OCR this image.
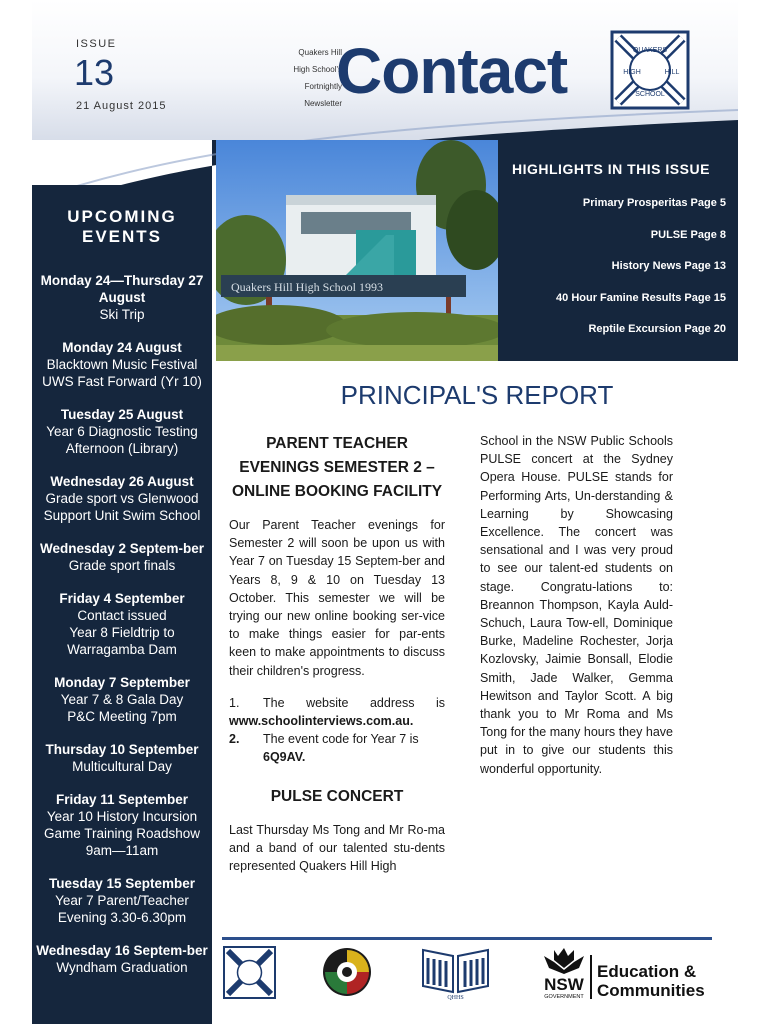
ISSUE
13
21 August 2015
Quakers Hill
High School's
Fortnightly
Newsletter
Contact	QUAKERS
HILL
HIGH
SCHOOL
UPCOMING
EVENTS
Monday 24—Thursday 27 August
Ski Trip
Monday 24 August
Blacktown Music Festival
UWS Fast Forward (Yr 10)
Tuesday 25 August
Year 6 Diagnostic Testing
Afternoon (Library)
Wednesday 26 August
Grade sport vs Glenwood
Support Unit Swim School
Wednesday 2 Septem-ber
Grade sport finals
Friday 4 September
Contact issued
Year 8 Fieldtrip to
Warragamba Dam
Monday 7 September
Year 7 & 8 Gala Day
P&C Meeting 7pm
Thursday 10 September
Multicultural Day
Friday 11 September
Year 10 History Incursion
Game Training Roadshow
9am—11am
Tuesday 15 September
Year 7 Parent/Teacher
Evening 3.30-6.30pm
Wednesday 16 Septem-ber
Wyndham Graduation
Quakers Hill High School 1993
HIGHLIGHTS IN THIS ISSUE
Primary Prosperitas Page 5
PULSE Page 8
History News Page 13
40 Hour Famine Results Page 15
Reptile Excursion Page 20
PRINCIPAL'S REPORT
PARENT TEACHER EVENINGS SEMESTER 2 – ONLINE BOOKING FACILITY
Our Parent Teacher evenings for Semester 2 will soon be upon us with Year 7 on Tuesday 15 Septem-ber and Years 8, 9 & 10 on Tuesday 13 October. This semester we will be trying our new online booking ser-vice to make things easier for par-ents keen to make appointments to discuss their children's progress.
1.	The website address is
www.schoolinterviews.com.au.
2.	The event code for Year 7 is
6Q9AV.
PULSE CONCERT
Last Thursday Ms Tong and Mr Ro-ma and a band of our talented stu-dents represented Quakers Hill High
School in the NSW Public Schools PULSE concert at the Sydney Opera House. PULSE stands for Performing Arts, Un-derstanding & Learning by Showcasing Excellence. The concert was sensational and I was very proud to see our talent-ed students on stage. Congratu-lations to: Breannon Thompson, Kayla Auld-Schuch, Laura Tow-ell, Dominique Burke, Madeline Rochester, Jorja Kozlovsky, Jaimie Bonsall, Elodie Smith, Jade Walker, Gemma Hewitson and Taylor Scott. A big thank you to Mr Roma and Ms Tong for the many hours they have put in to give our students this wonderful opportunity.
QHHS
NSW
GOVERNMENT
Education &
Communities
